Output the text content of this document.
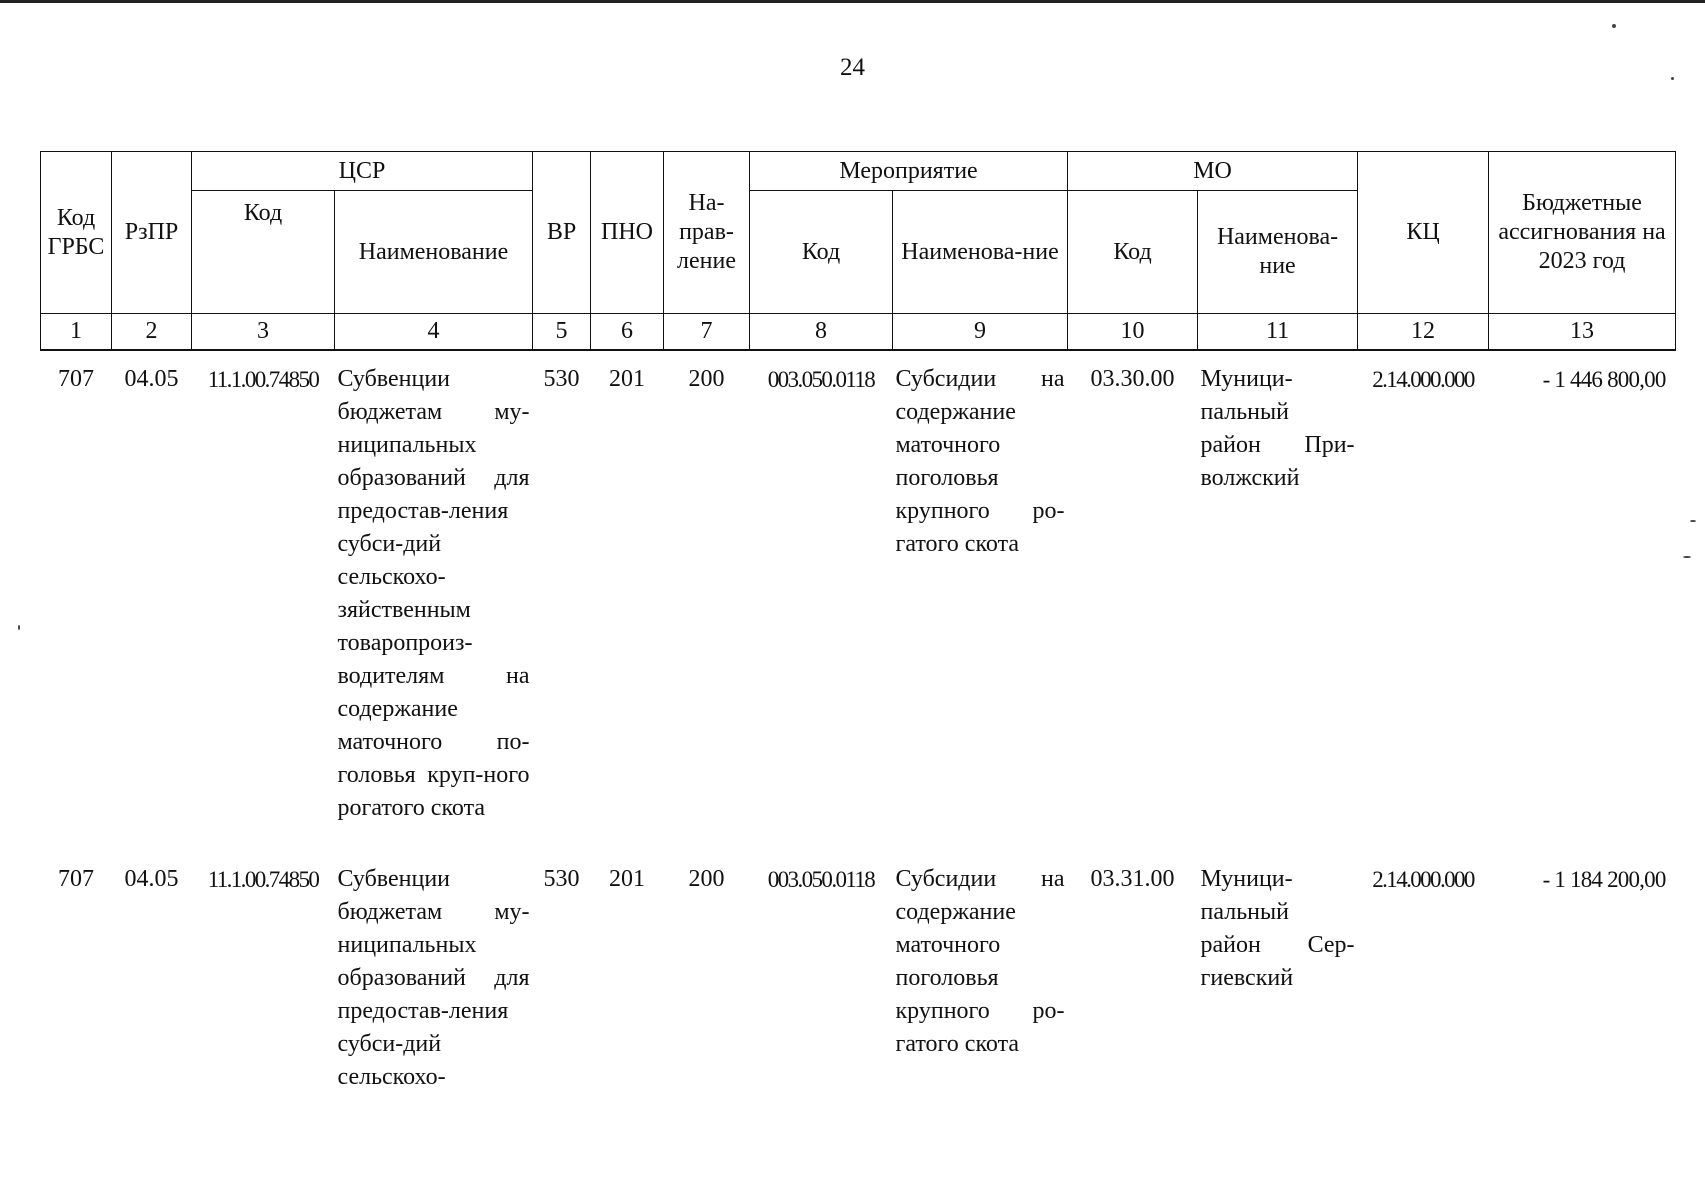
24
Код ГРБС	РзПР	ЦСР		ВР	ПНО	На-прав-ление	Мероприятие		МО		КЦ	Бюджетные ассигнования на 2023 год
		Код	Наименование				Код	Наименова-ние	Код	Наименова-ние		
1	2	3	4	5	6	7	8	9	10	11	12	13
707	04.05	11.1.00.74850	Субвенции бюджетам му-ниципальных образований для предостав-ления субси-дий сельскохо-зяйственным товаропроиз-водителям на содержание маточного по-головья круп-ного рогатого скота	530	201	200	003.050.0118	Субсидии на содержание маточного поголовья крупного ро-гатого скота	03.30.00	Муници-пальный район При-волжский	2.14.000.000	- 1 446 800,00
707	04.05	11.1.00.74850	Субвенции бюджетам му-ниципальных образований для предостав-ления субси-дий сельскохо-	530	201	200	003.050.0118	Субсидии на содержание маточного поголовья крупного ро-гатого скота	03.31.00	Муници-пальный район Сер-гиевский	2.14.000.000	- 1 184 200,00
